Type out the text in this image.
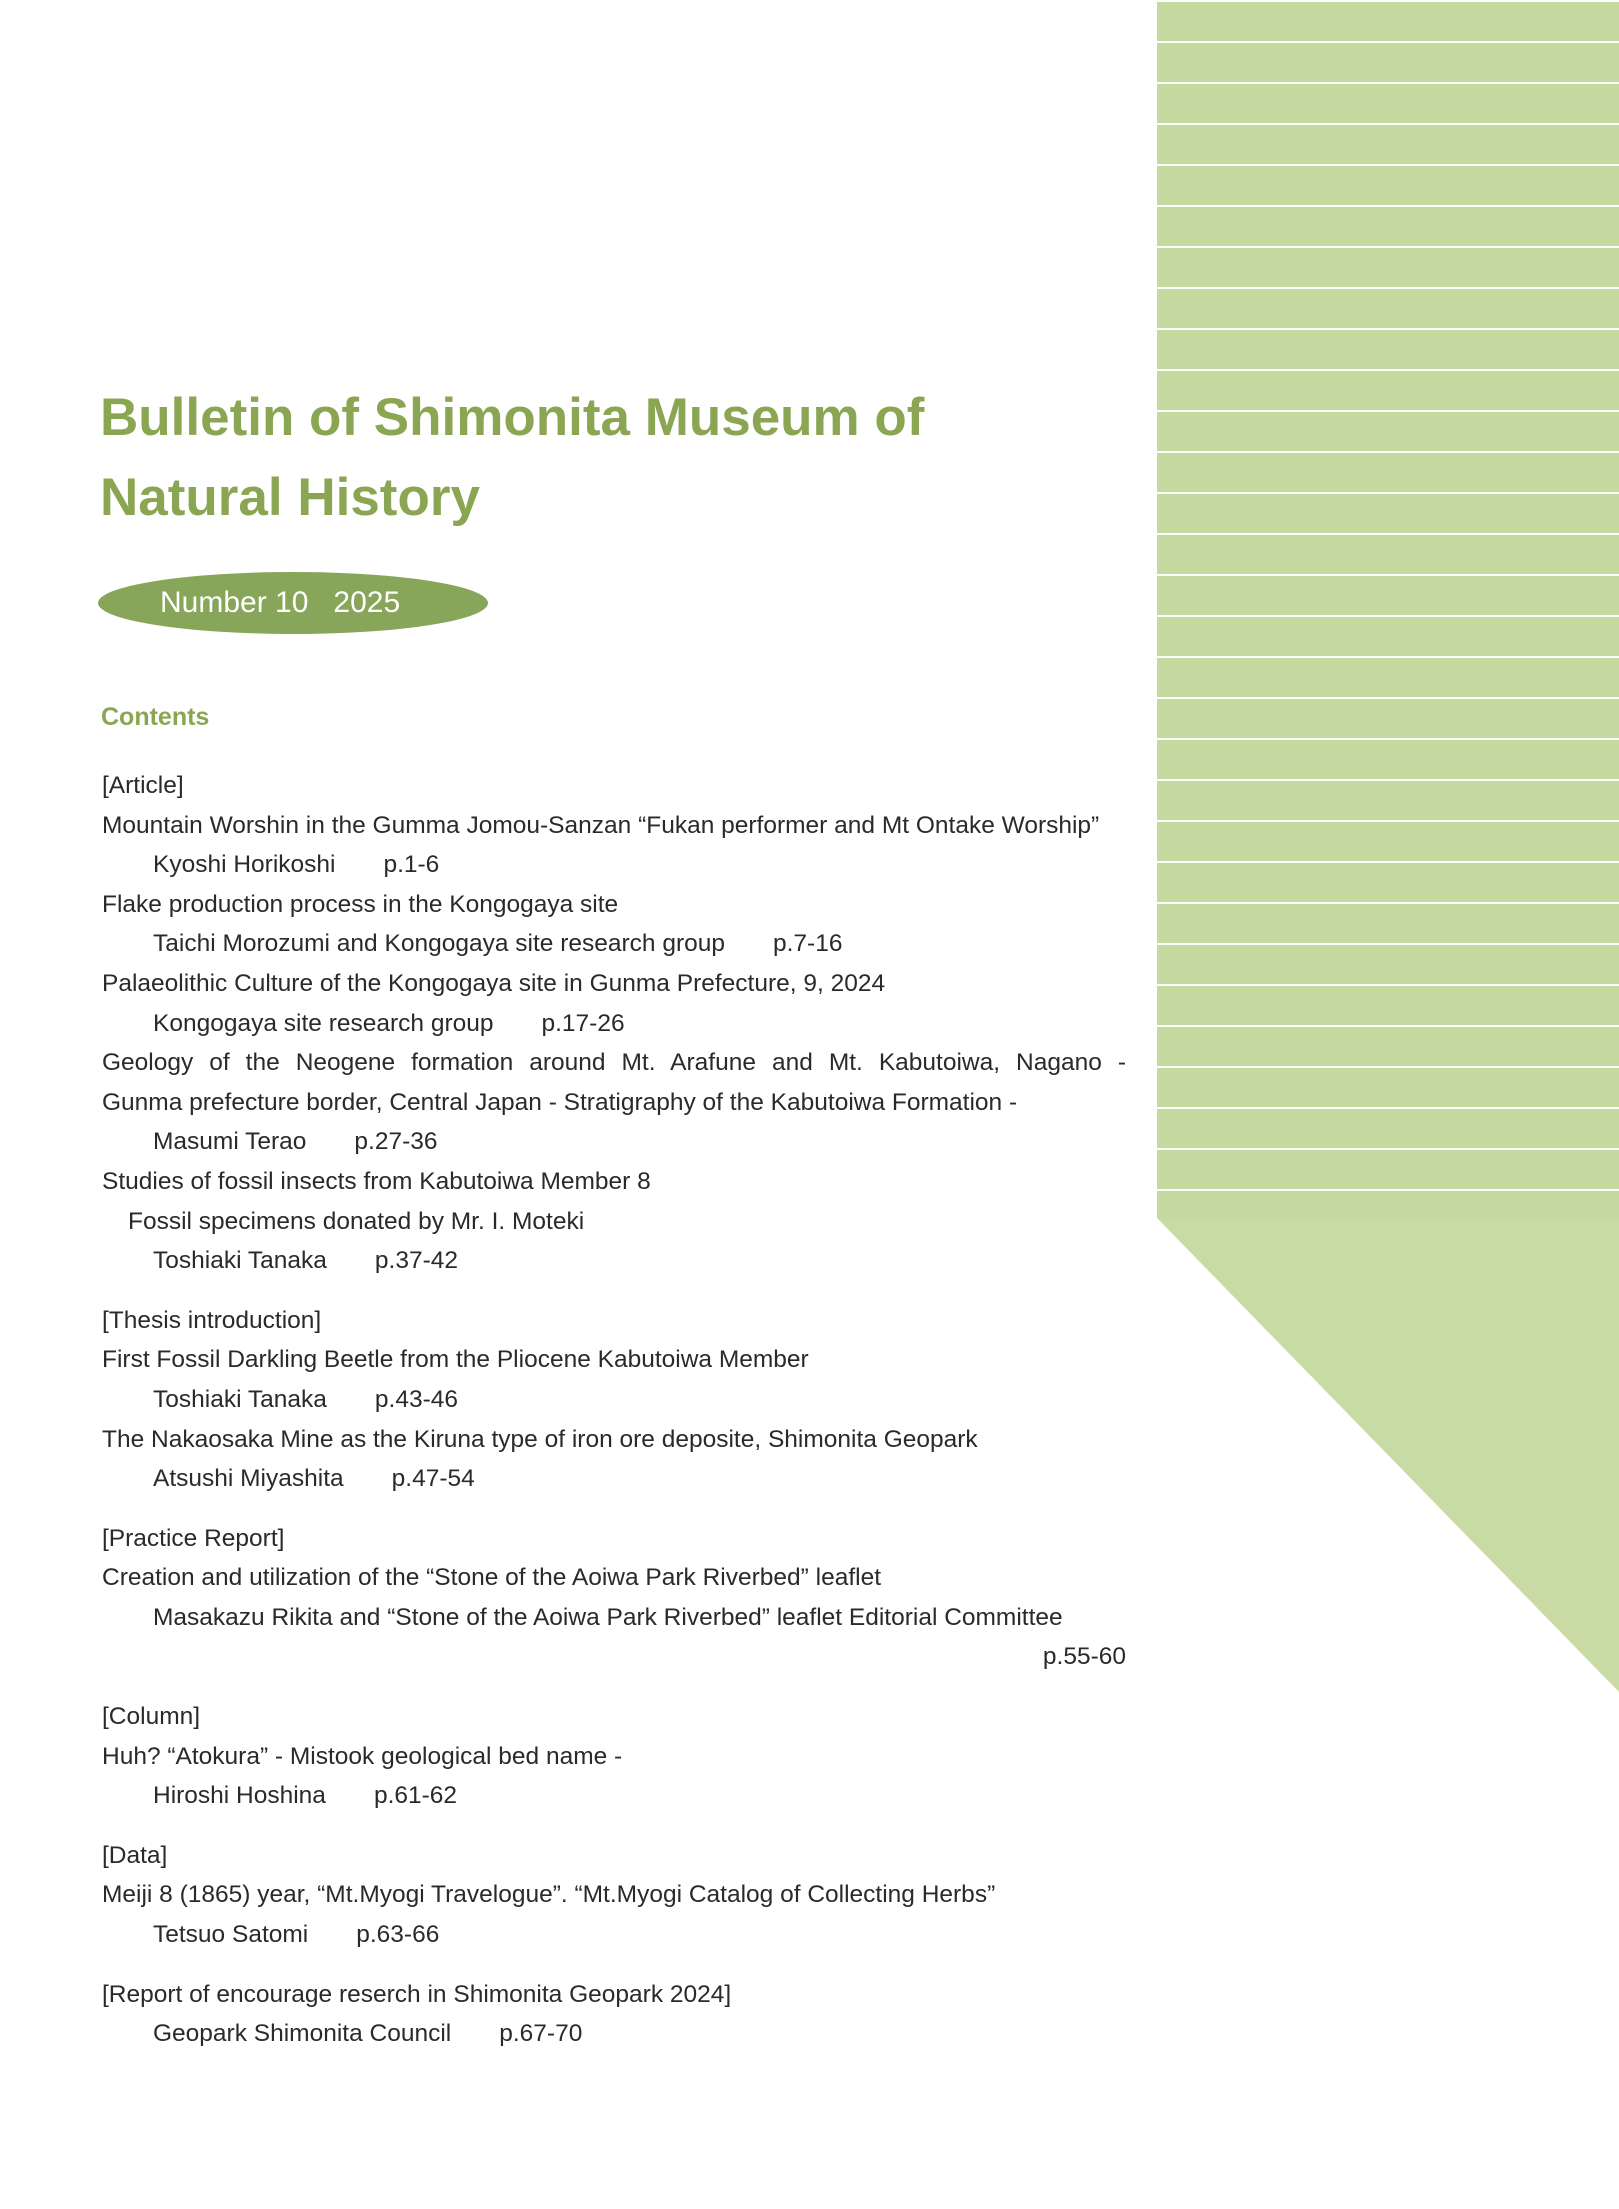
Bulletin of Shimonita Museum of
Natural History
Number 10 2025
Contents
[Article]
Mountain Worshin in the Gumma Jomou-Sanzan “Fukan performer and Mt Ontake Worship”
Kyoshi Horikoshi p.1-6
Flake production process in the Kongogaya site
Taichi Morozumi and Kongogaya site research group p.7-16
Palaeolithic Culture of the Kongogaya site in Gunma Prefecture, 9, 2024
Kongogaya site research group p.17-26
Geology of the Neogene formation around Mt. Arafune and Mt. Kabutoiwa, Nagano -
Gunma prefecture border, Central Japan - Stratigraphy of the Kabutoiwa Formation -
Masumi Terao p.27-36
Studies of fossil insects from Kabutoiwa Member 8
Fossil specimens donated by Mr. I. Moteki
Toshiaki Tanaka p.37-42
[Thesis introduction]
First Fossil Darkling Beetle from the Pliocene Kabutoiwa Member
Toshiaki Tanaka p.43-46
The Nakaosaka Mine as the Kiruna type of iron ore deposite, Shimonita Geopark
Atsushi Miyashita p.47-54
[Practice Report]
Creation and utilization of the “Stone of the Aoiwa Park Riverbed” leaflet
Masakazu Rikita and “Stone of the Aoiwa Park Riverbed” leaflet Editorial Committee
p.55-60
[Column]
Huh? “Atokura” - Mistook geological bed name -
Hiroshi Hoshina p.61-62
[Data]
Meiji 8 (1865) year, “Mt.Myogi Travelogue”. “Mt.Myogi Catalog of Collecting Herbs”
Tetsuo Satomi p.63-66
[Report of encourage reserch in Shimonita Geopark 2024]
Geopark Shimonita Council p.67-70
